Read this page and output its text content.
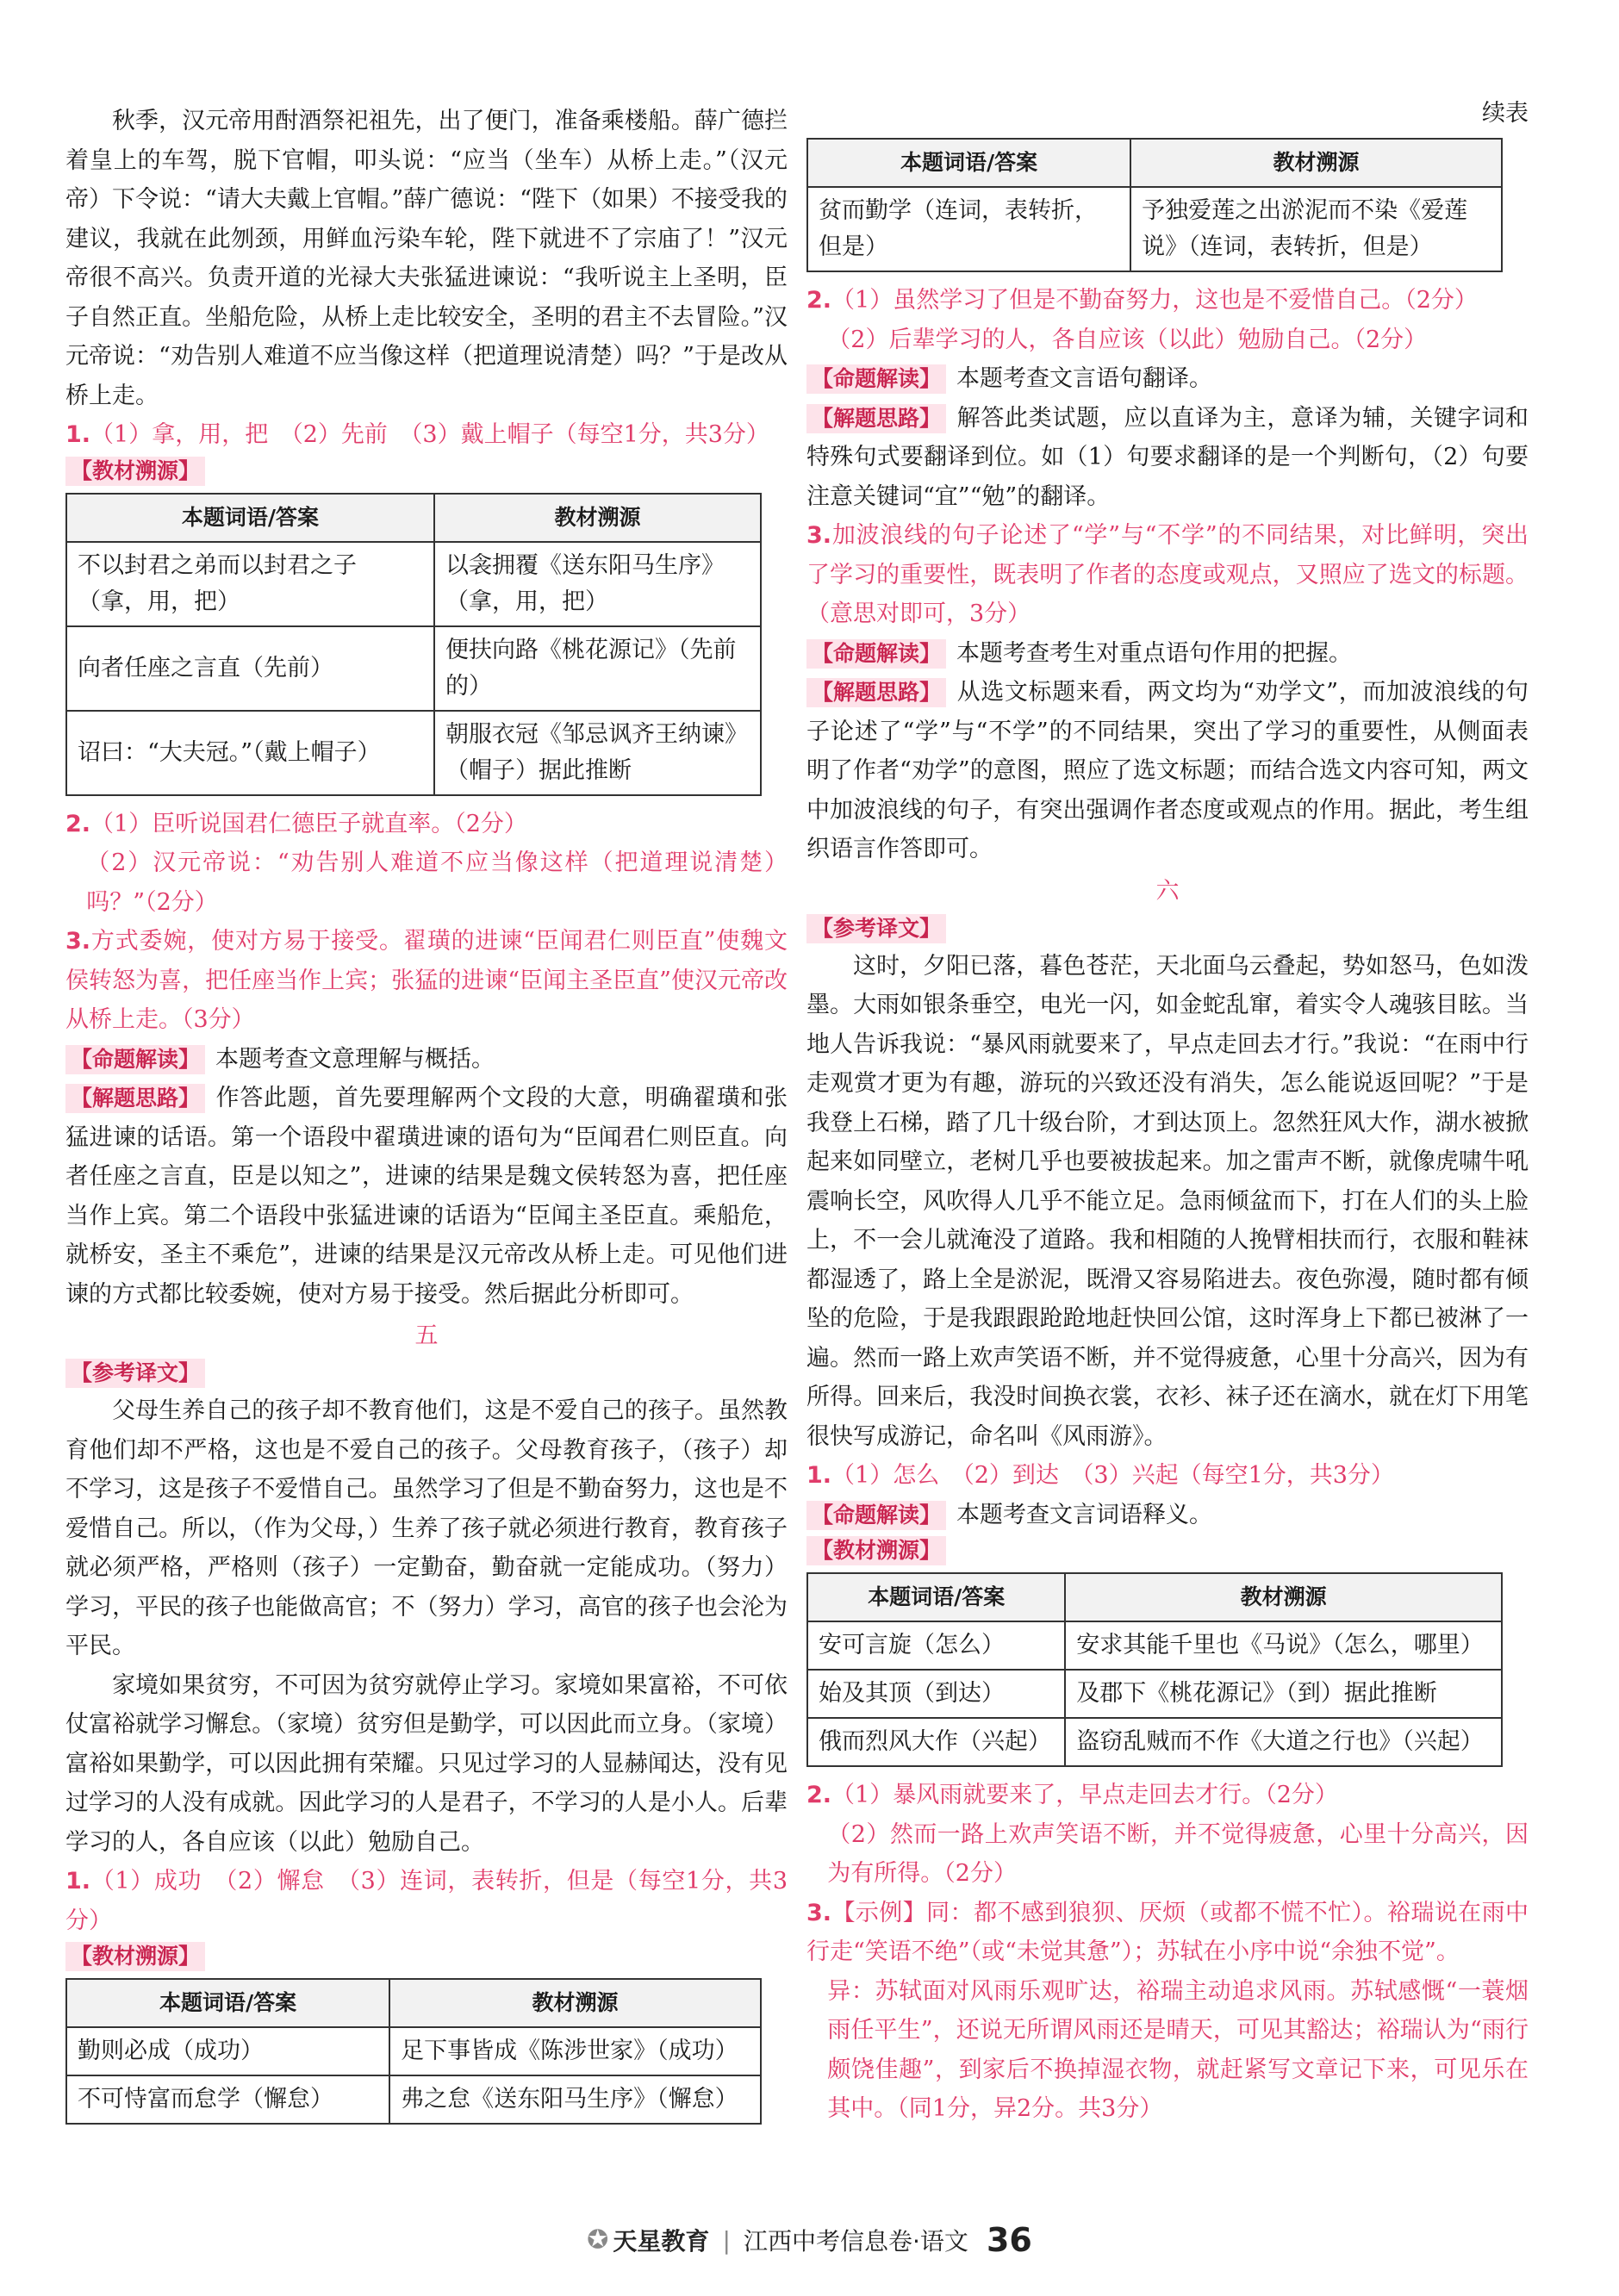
秋季，汉元帝用酎酒祭祀祖先，出了便门，准备乘楼船。薛广德拦着皇上的车驾，脱下官帽，叩头说：“应当（坐车）从桥上走。”（汉元帝）下令说：“请大夫戴上官帽。”薛广德说：“陛下（如果）不接受我的建议，我就在此刎颈，用鲜血污染车轮，陛下就进不了宗庙了！”汉元帝很不高兴。负责开道的光禄大夫张猛进谏说：“我听说主上圣明，臣子自然正直。坐船危险，从桥上走比较安全，圣明的君主不去冒险。”汉元帝说：“劝告别人难道不应当像这样（把道理说清楚）吗？”于是改从桥上走。

1.（1）拿，用，把　（2）先前　（3）戴上帽子（每空1分，共3分）

【教材溯源】
本题词语/答案	教材溯源
不以封君之弟而以封君之子（拿，用，把）	以衾拥覆《送东阳马生序》（拿，用，把）
向者任座之言直（先前）	便扶向路《桃花源记》（先前的）
诏曰：“大夫冠。”（戴上帽子）	朝服衣冠《邹忌讽齐王纳谏》（帽子）据此推断

2.（1）臣听说国君仁德臣子就直率。（2分）

（2）汉元帝说：“劝告别人难道不应当像这样（把道理说清楚）吗？”（2分）

3.方式委婉，使对方易于接受。翟璜的进谏“臣闻君仁则臣直”使魏文侯转怒为喜，把任座当作上宾；张猛的进谏“臣闻主圣臣直”使汉元帝改从桥上走。（3分）

【命题解读】 本题考查文意理解与概括。

【解题思路】 作答此题，首先要理解两个文段的大意，明确翟璜和张猛进谏的话语。第一个语段中翟璜进谏的语句为“臣闻君仁则臣直。向者任座之言直，臣是以知之”，进谏的结果是魏文侯转怒为喜，把任座当作上宾。第二个语段中张猛进谏的话语为“臣闻主圣臣直。乘船危，就桥安，圣主不乘危”，进谏的结果是汉元帝改从桥上走。可见他们进谏的方式都比较委婉，使对方易于接受。然后据此分析即可。

五
【参考译文】

父母生养自己的孩子却不教育他们，这是不爱自己的孩子。虽然教育他们却不严格，这也是不爱自己的孩子。父母教育孩子，（孩子）却不学习，这是孩子不爱惜自己。虽然学习了但是不勤奋努力，这也是不爱惜自己。所以，（作为父母，）生养了孩子就必须进行教育，教育孩子就必须严格，严格则（孩子）一定勤奋，勤奋就一定能成功。（努力）学习，平民的孩子也能做高官；不（努力）学习，高官的孩子也会沦为平民。

家境如果贫穷，不可因为贫穷就停止学习。家境如果富裕，不可依仗富裕就学习懈怠。（家境）贫穷但是勤学，可以因此而立身。（家境）富裕如果勤学，可以因此拥有荣耀。只见过学习的人显赫闻达，没有见过学习的人没有成就。因此学习的人是君子，不学习的人是小人。后辈学习的人，各自应该（以此）勉励自己。

1.（1）成功　（2）懈怠　（3）连词，表转折，但是（每空1分，共3分）

【教材溯源】
本题词语/答案	教材溯源
勤则必成（成功）	足下事皆成《陈涉世家》（成功）
不可恃富而怠学（懈怠）	弗之怠《送东阳马生序》（懈怠）
续表
本题词语/答案	教材溯源
贫而勤学（连词，表转折，但是）	予独爱莲之出淤泥而不染《爱莲说》（连词，表转折，但是）

2.（1）虽然学习了但是不勤奋努力，这也是不爱惜自己。（2分）

（2）后辈学习的人，各自应该（以此）勉励自己。（2分）

【命题解读】 本题考查文言语句翻译。

【解题思路】 解答此类试题，应以直译为主，意译为辅，关键字词和特殊句式要翻译到位。如（1）句要求翻译的是一个判断句，（2）句要注意关键词“宜”“勉”的翻译。

3.加波浪线的句子论述了“学”与“不学”的不同结果，对比鲜明，突出了学习的重要性，既表明了作者的态度或观点，又照应了选文的标题。（意思对即可，3分）

【命题解读】 本题考查考生对重点语句作用的把握。

【解题思路】 从选文标题来看，两文均为“劝学文”，而加波浪线的句子论述了“学”与“不学”的不同结果，突出了学习的重要性，从侧面表明了作者“劝学”的意图，照应了选文标题；而结合选文内容可知，两文中加波浪线的句子，有突出强调作者态度或观点的作用。据此，考生组织语言作答即可。

六
【参考译文】

这时，夕阳已落，暮色苍茫，天北面乌云叠起，势如怒马，色如泼墨。大雨如银条垂空，电光一闪，如金蛇乱窜，着实令人魂骇目眩。当地人告诉我说：“暴风雨就要来了，早点走回去才行。”我说：“在雨中行走观赏才更为有趣，游玩的兴致还没有消失，怎么能说返回呢？”于是我登上石梯，踏了几十级台阶，才到达顶上。忽然狂风大作，湖水被掀起来如同壁立，老树几乎也要被拔起来。加之雷声不断，就像虎啸牛吼震响长空，风吹得人几乎不能立足。急雨倾盆而下，打在人们的头上脸上，不一会儿就淹没了道路。我和相随的人挽臂相扶而行，衣服和鞋袜都湿透了，路上全是淤泥，既滑又容易陷进去。夜色弥漫，随时都有倾坠的危险，于是我跟跟跄跄地赶快回公馆，这时浑身上下都已被淋了一遍。然而一路上欢声笑语不断，并不觉得疲惫，心里十分高兴，因为有所得。回来后，我没时间换衣裳，衣衫、袜子还在滴水，就在灯下用笔很快写成游记，命名叫《风雨游》。

1.（1）怎么　（2）到达　（3）兴起（每空1分，共3分）

【命题解读】 本题考查文言词语释义。

【教材溯源】
本题词语/答案	教材溯源
安可言旋（怎么）	安求其能千里也《马说》（怎么，哪里）
始及其顶（到达）	及郡下《桃花源记》（到）据此推断
俄而烈风大作（兴起）	盗窃乱贼而不作《大道之行也》（兴起）

2.（1）暴风雨就要来了，早点走回去才行。（2分）

（2）然而一路上欢声笑语不断，并不觉得疲惫，心里十分高兴，因为有所得。（2分）

3.【示例】同：都不感到狼狈、厌烦（或都不慌不忙）。裕瑞说在雨中行走“笑语不绝”（或“未觉其惫”）；苏轼在小序中说“余独不觉”。

异：苏轼面对风雨乐观旷达，裕瑞主动追求风雨。苏轼感慨“一蓑烟雨任平生”，还说无所谓风雨还是晴天，可见其豁达；裕瑞认为“雨行颇饶佳趣”，到家后不换掉湿衣物，就赶紧写文章记下来，可见乐在其中。（同1分，异2分。共3分）

✪ 天星教育 | 江西中考信息卷·语文 36
